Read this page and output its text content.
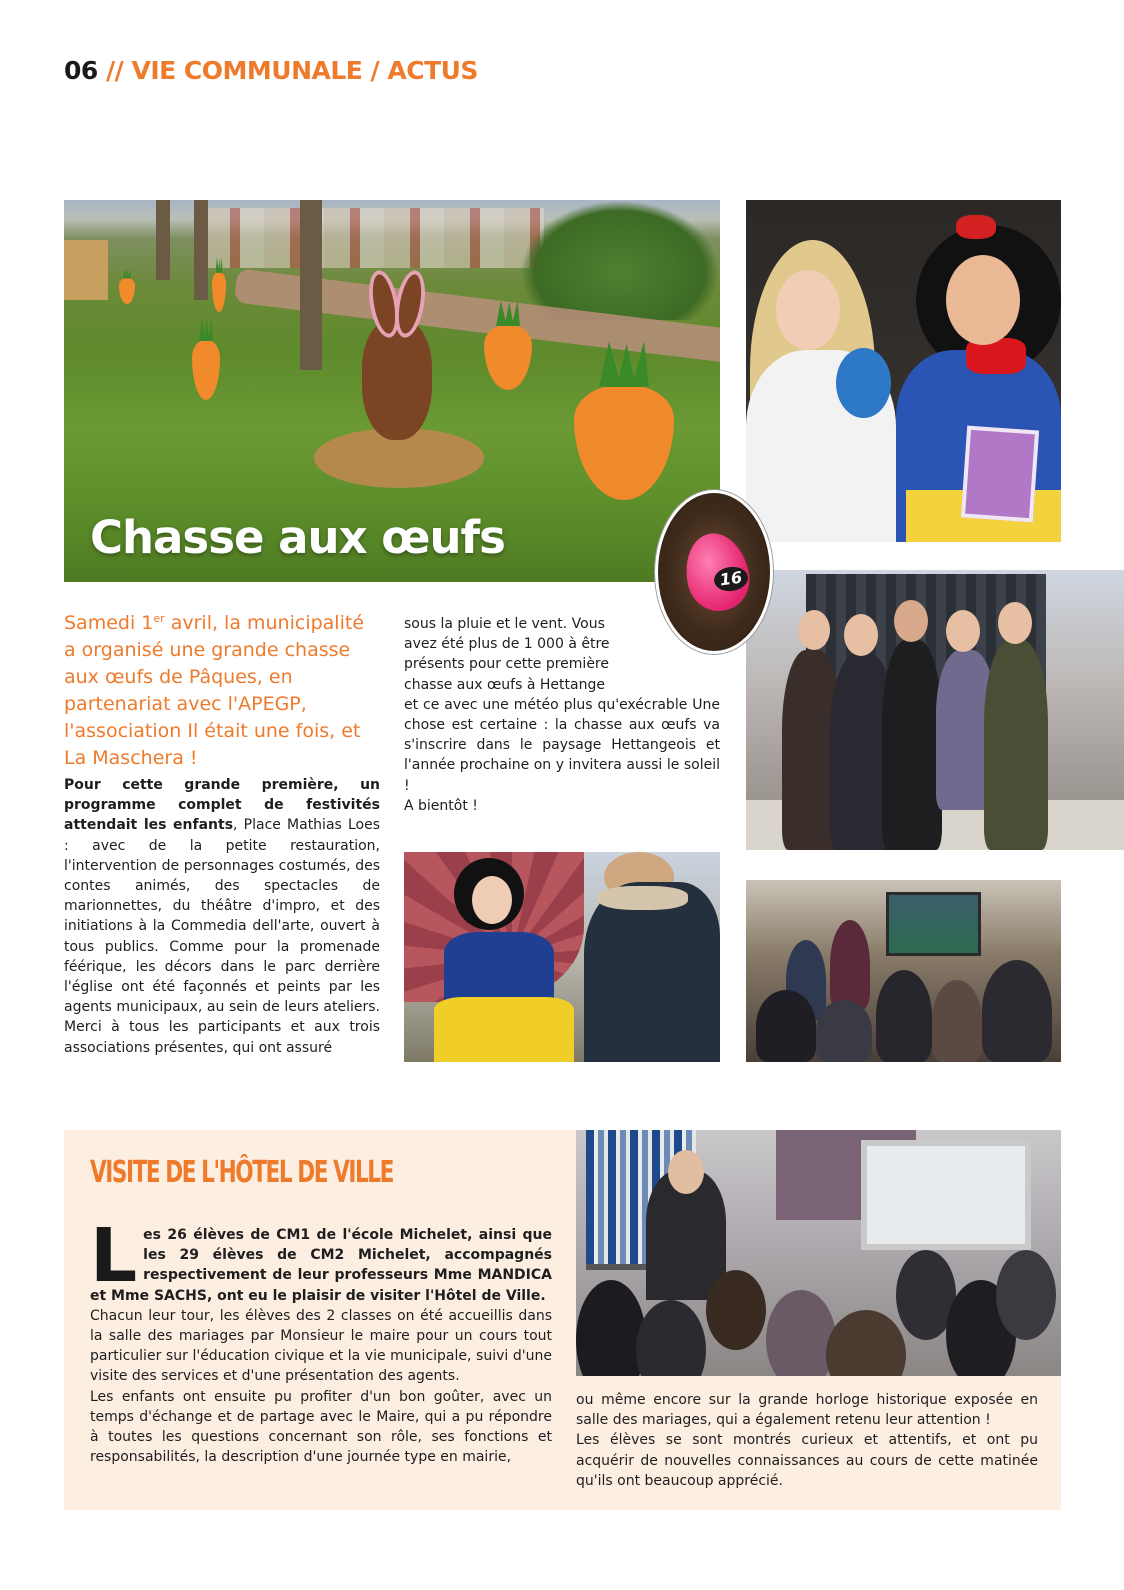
06 // VIE COMMUNALE / ACTUS
Chasse aux œufs
16
Samedi 1er avril, la municipalité a organisé une grande chasse aux œufs de Pâques, en partenariat avec l'APEGP, l'association Il était une fois, et La Maschera !

Pour cette grande première, un programme complet de festivités attendait les enfants, Place Mathias Loes : avec de la petite restauration, l'intervention de personnages costumés, des contes animés, des spectacles de marionnettes, du théâtre d'impro, et des initiations à la Commedia dell'arte, ouvert à tous publics. Comme pour la promenade féérique, les décors dans le parc derrière l'église ont été façonnés et peints par les agents municipaux, au sein de leurs ateliers. Merci à tous les participants et aux trois associations présentes, qui ont assuré

sous la pluie et le vent. Vous avez été plus de 1 000 à être présents pour cette première chasse aux œufs à Hettange

et ce avec une météo plus qu'exécrable Une chose est certaine : la chasse aux œufs va s'inscrire dans le paysage Hettangeois et l'année prochaine on y invitera aussi le soleil !

A bientôt !

VISITE DE L'HÔTEL DE VILLE
L es 26 élèves de CM1 de l'école Michelet, ainsi que les 29 élèves de CM2 Michelet, accompagnés respectivement de leur professeurs Mme MANDICA et Mme SACHS, ont eu le plaisir de visiter l'Hôtel de Ville.

Chacun leur tour, les élèves des 2 classes on été accueillis dans la salle des mariages par Monsieur le maire pour un cours tout particulier sur l'éducation civique et la vie municipale, suivi d'une visite des services et d'une présentation des agents.

Les enfants ont ensuite pu profiter d'un bon goûter, avec un temps d'échange et de partage avec le Maire, qui a pu répondre à toutes les questions concernant son rôle, ses fonctions et responsabilités, la description d'une journée type en mairie,

ou même encore sur la grande horloge historique exposée en salle des mariages, qui a également retenu leur attention !

Les élèves se sont montrés curieux et attentifs, et ont pu acquérir de nouvelles connaissances au cours de cette matinée qu'ils ont beaucoup apprécié.
